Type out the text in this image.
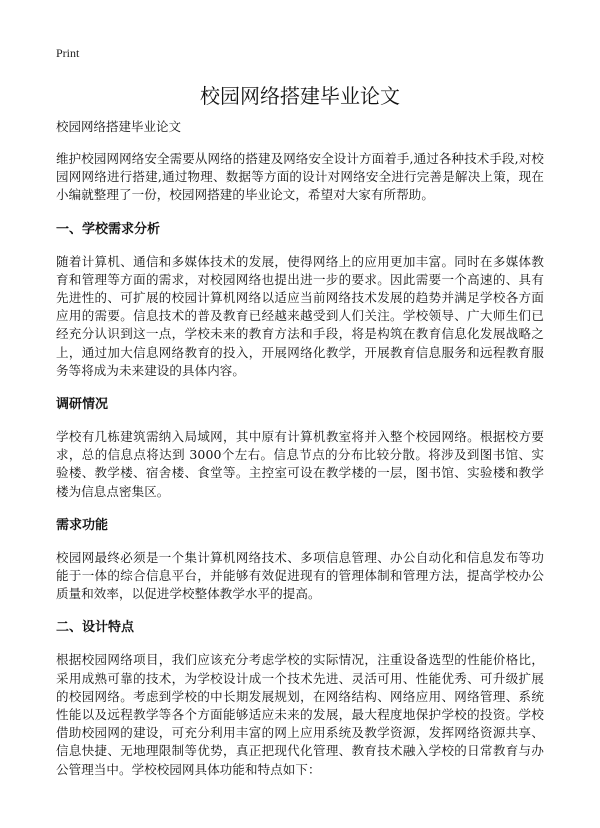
Print
校园网络搭建毕业论文
校园网络搭建毕业论文

维护校园网网络安全需要从网络的搭建及网络安全设计方面着手,通过各种技术手段,对校园网网络进行搭建,通过物理、数据等方面的设计对网络安全进行完善是解决上策，现在小编就整理了一份，校园网搭建的毕业论文，希望对大家有所帮助。

一、学校需求分析

随着计算机、通信和多媒体技术的发展，使得网络上的应用更加丰富。同时在多媒体教育和管理等方面的需求，对校园网络也提出进一步的要求。因此需要一个高速的、具有先进性的、可扩展的校园计算机网络以适应当前网络技术发展的趋势并满足学校各方面应用的需要。信息技术的普及教育已经越来越受到人们关注。学校领导、广大师生们已经充分认识到这一点，学校未来的教育方法和手段，将是构筑在教育信息化发展战略之上，通过加大信息网络教育的投入，开展网络化教学，开展教育信息服务和远程教育服务等将成为未来建设的具体内容。

调研情况

学校有几栋建筑需纳入局域网，其中原有计算机教室将并入整个校园网络。根据校方要求，总的信息点将达到 3000个左右。信息节点的分布比较分散。将涉及到图书馆、实验楼、教学楼、宿舍楼、食堂等。主控室可设在教学楼的一层，图书馆、实验楼和教学楼为信息点密集区。

需求功能

校园网最终必须是一个集计算机网络技术、多项信息管理、办公自动化和信息发布等功能于一体的综合信息平台，并能够有效促进现有的管理体制和管理方法，提高学校办公质量和效率，以促进学校整体教学水平的提高。

二、设计特点

根据校园网络项目，我们应该充分考虑学校的实际情况，注重设备选型的性能价格比，采用成熟可靠的技术，为学校设计成一个技术先进、灵活可用、性能优秀、可升级扩展的校园网络。考虑到学校的中长期发展规划，在网络结构、网络应用、网络管理、系统性能以及远程教学等各个方面能够适应未来的发展，最大程度地保护学校的投资。学校借助校园网的建设，可充分利用丰富的网上应用系统及教学资源，发挥网络资源共享、信息快捷、无地理限制等优势，真正把现代化管理、教育技术融入学校的日常教育与办公管理当中。学校校园网具体功能和特点如下：
